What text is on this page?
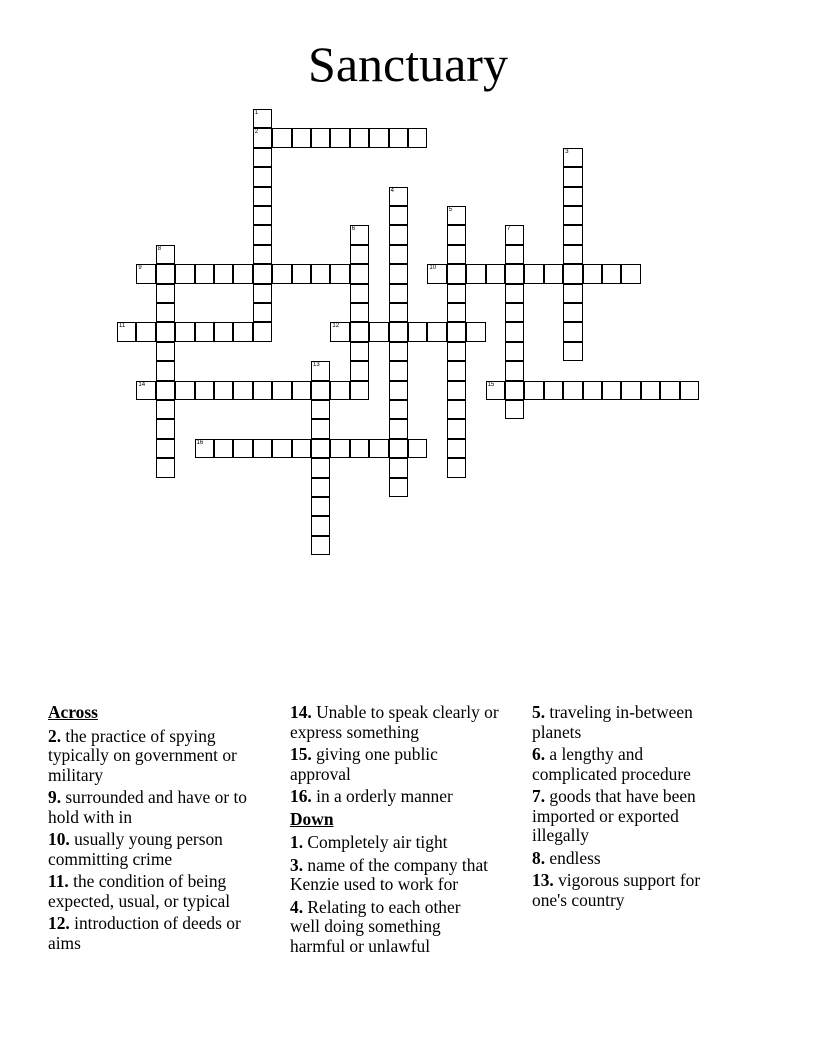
Sanctuary
1
2
3
4
5
6	7
8
9	10
11	12
13
14	15
16
Across
2. the practice of spying typically on government or military
9. surrounded and have or to hold with in
10. usually young person committing crime
11. the condition of being expected, usual, or typical
12. introduction of deeds or aims
14. Unable to speak clearly or express something
15. giving one public approval
16. in a orderly manner
Down
1. Completely air tight
3. name of the company that Kenzie used to work for
4. Relating to each other well doing something harmful or unlawful
5. traveling in-between planets
6. a lengthy and complicated procedure
7. goods that have been imported or exported illegally
8. endless
13. vigorous support for one's country
